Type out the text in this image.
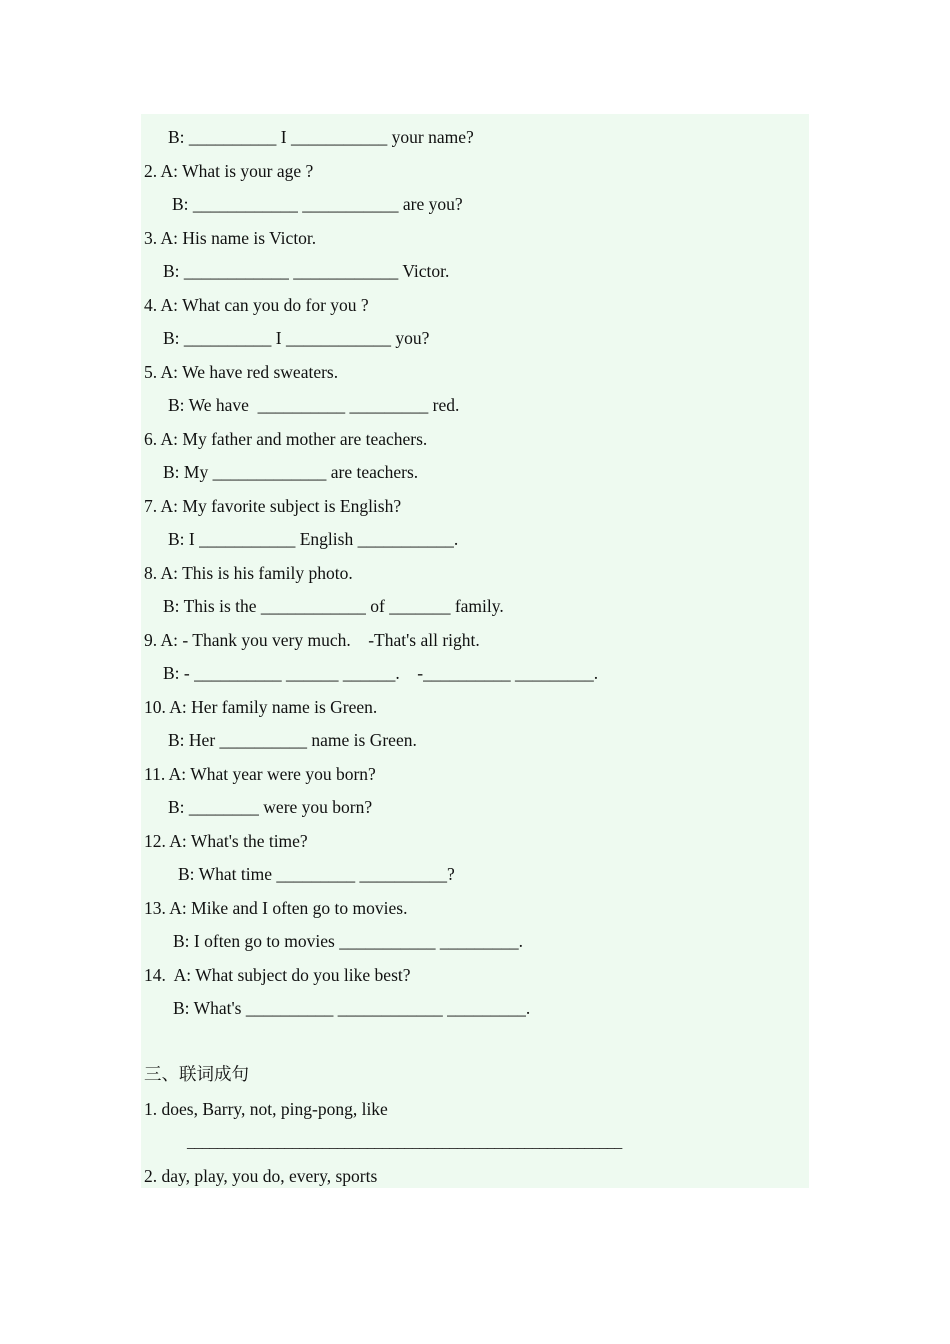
B: __________ I ___________ your name?
2. A: What is your age ?
B: ____________ ___________ are you?
3. A: His name is Victor.
B: ____________ ____________ Victor.
4. A: What can you do for you ?
B: __________ I ____________ you?
5. A: We have red sweaters.
B: We have  __________ _________ red.
6. A: My father and mother are teachers.
B: My _____________ are teachers.
7. A: My favorite subject is English?
B: I ___________ English ___________.
8. A: This is his family photo.
B: This is the ____________ of _______ family.
9. A: - Thank you very much.    -That's all right.
B: - __________ ______ ______.    -__________ _________.
10. A: Her family name is Green.
B: Her __________ name is Green.
11. A: What year were you born?
B: ________ were you born?
12. A: What's the time?
B: What time _________ __________?
13. A: Mike and I often go to movies.
B: I often go to movies ___________ _________.
14.  A: What subject do you like best?
B: What's __________ ____________ _________.
三、联词成句
1. does, Barry, not, ping-pong, like
__________________________________________________________
2. day, play, you do, every, sports
